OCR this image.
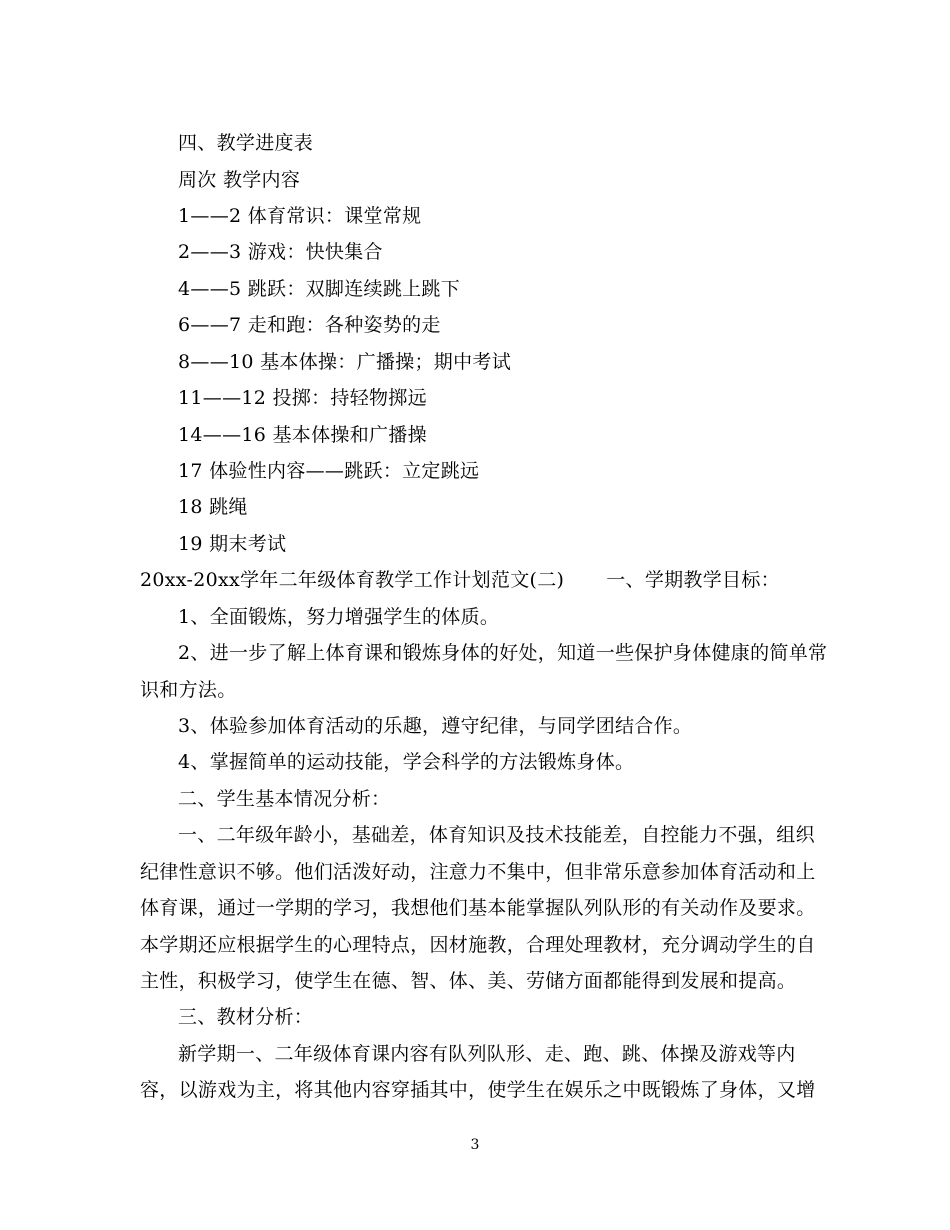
四、教学进度表
周次 教学内容
1——2 体育常识：课堂常规
2——3 游戏：快快集合
4——5 跳跃：双脚连续跳上跳下
6——7 走和跑：各种姿势的走
8——10 基本体操：广播操；期中考试
11——12 投掷：持轻物掷远
14——16 基本体操和广播操
17 体验性内容——跳跃：立定跳远
18 跳绳
19 期末考试
20xx-20xx学年二年级体育教学工作计划范文(二) 一、学期教学目标：
1、全面锻炼，努力增强学生的体质。
2、进一步了解上体育课和锻炼身体的好处，知道一些保护身体健康的简单常
识和方法。
3、体验参加体育活动的乐趣，遵守纪律，与同学团结合作。
4、掌握简单的运动技能，学会科学的方法锻炼身体。
二、学生基本情况分析：
一、二年级年龄小，基础差，体育知识及技术技能差，自控能力不强，组织
纪律性意识不够。他们活泼好动，注意力不集中，但非常乐意参加体育活动和上
体育课，通过一学期的学习，我想他们基本能掌握队列队形的有关动作及要求。
本学期还应根据学生的心理特点，因材施教，合理处理教材，充分调动学生的自
主性，积极学习，使学生在德、智、体、美、劳储方面都能得到发展和提高。
三、教材分析：
新学期一、二年级体育课内容有队列队形、走、跑、跳、体操及游戏等内
容，以游戏为主，将其他内容穿插其中，使学生在娱乐之中既锻炼了身体，又增
3
